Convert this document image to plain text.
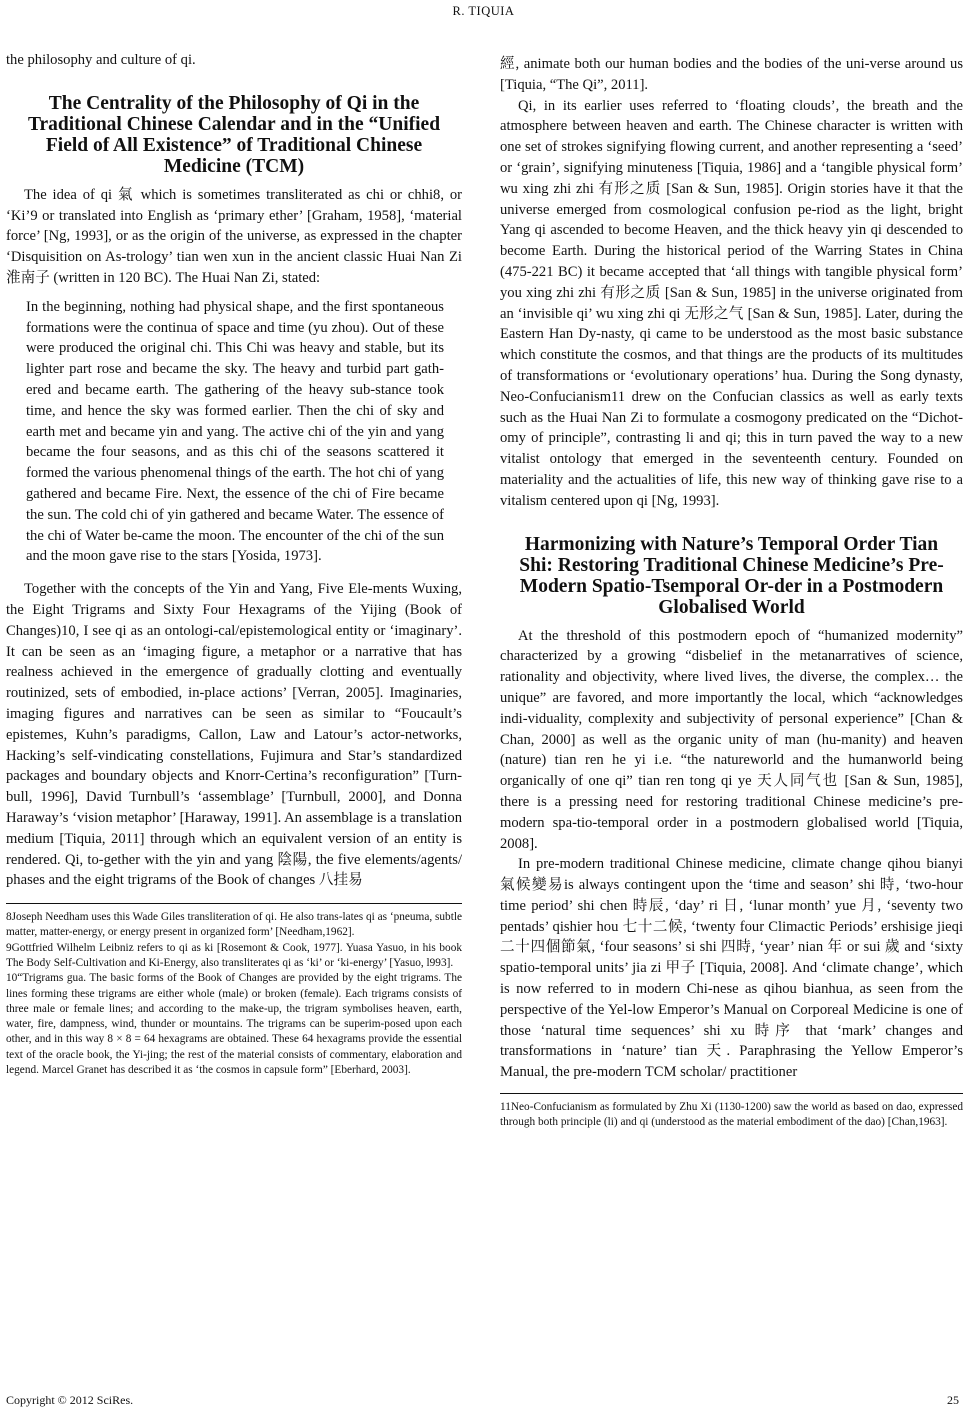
R. TIQUIA

the philosophy and culture of qi.

The Centrality of the Philosophy of Qi in the Traditional Chinese Calendar and in the “Unified Field of All Existence” of Traditional Chinese Medicine (TCM)

The idea of qi 氣 which is sometimes transliterated as chi or chhi8, or ‘Ki’9 or translated into English as ‘primary ether’ [Graham, 1958], ‘material force’ [Ng, 1993], or as the origin of the universe, as expressed in the chapter ‘Disquisition on As-trology’ tian wen xun in the ancient classic Huai Nan Zi 淮南子 (written in 120 BC). The Huai Nan Zi, stated:

In the beginning, nothing had physical shape, and the first spontaneous formations were the continua of space and time (yu zhou). Out of these were produced the original chi. This Chi was heavy and stable, but its lighter part rose and became the sky. The heavy and turbid part gath-ered and became earth. The gathering of the heavy sub-stance took time, and hence the sky was formed earlier. Then the chi of sky and earth met and became yin and yang. The active chi of the yin and yang became the four seasons, and as this chi of the seasons scattered it formed the various phenomenal things of the earth. The hot chi of yang gathered and became Fire. Next, the essence of the chi of Fire became the sun. The cold chi of yin gathered and became Water. The essence of the chi of Water be-came the moon. The encounter of the chi of the sun and the moon gave rise to the stars [Yosida, 1973].

Together with the concepts of the Yin and Yang, Five Ele-ments Wuxing, the Eight Trigrams and Sixty Four Hexagrams of the Yijing (Book of Changes)10, I see qi as an ontologi-cal/epistemological entity or ‘imaginary’. It can be seen as an ‘imaging figure, a metaphor or a narrative that has realness achieved in the emergence of gradually clotting and eventually routinized, sets of embodied, in-place actions’ [Verran, 2005]. Imaginaries, imaging figures and narratives can be seen as similar to “Foucault’s epistemes, Kuhn’s paradigms, Callon, Law and Latour’s actor-networks, Hacking’s self-vindicating constellations, Fujimura and Star’s standardized packages and boundary objects and Knorr-Certina’s reconfiguration” [Turn-bull, 1996], David Turnbull’s ‘assemblage’ [Turnbull, 2000], and Donna Haraway’s ‘vision metaphor’ [Haraway, 1991]. An assemblage is a translation medium [Tiquia, 2011] through which an equivalent version of an entity is rendered. Qi, to-gether with the yin and yang 陰陽, the five elements/agents/ phases and the eight trigrams of the Book of changes 八挂易

8Joseph Needham uses this Wade Giles transliteration of qi. He also trans-lates qi as ‘pneuma, subtle matter, matter-energy, or energy present in organized form’ [Needham,1962].

9Gottfried Wilhelm Leibniz refers to qi as ki [Rosemont & Cook, 1977]. Yuasa Yasuo, in his book The Body Self-Cultivation and Ki-Energy, also transliterates qi as ‘ki’ or ‘ki-energy’ [Yasuo, l993].

10“Trigrams gua. The basic forms of the Book of Changes are provided by the eight trigrams. The lines forming these trigrams are either whole (male) or broken (female). Each trigrams consists of three male or female lines; and according to the make-up, the trigram symbolises heaven, earth, water, fire, dampness, wind, thunder or mountains. The trigrams can be superim-posed upon each other, and in this way 8 × 8 = 64 hexagrams are obtained. These 64 hexagrams provide the essential text of the oracle book, the Yi-jing; the rest of the material consists of commentary, elaboration and legend. Marcel Granet has described it as ‘the cosmos in capsule form” [Eberhard, 2003].

經, animate both our human bodies and the bodies of the uni-verse around us [Tiquia, “The Qi”, 2011].

Qi, in its earlier uses referred to ‘floating clouds’, the breath and the atmosphere between heaven and earth. The Chinese character is written with one set of strokes signifying flowing current, and another representing a ‘seed’ or ‘grain’, signifying minuteness [Tiquia, 1986] and a ‘tangible physical form’ wu xing zhi zhi 有形之质 [San & Sun, 1985]. Origin stories have it that the universe emerged from cosmological confusion pe-riod as the light, bright Yang qi ascended to become Heaven, and the thick heavy yin qi descended to become Earth. During the historical period of the Warring States in China (475-221 BC) it became accepted that ‘all things with tangible physical form’ you xing zhi zhi 有形之质 [San & Sun, 1985] in the universe originated from an ‘invisible qi’ wu xing zhi qi 无形之气 [San & Sun, 1985]. Later, during the Eastern Han Dy-nasty, qi came to be understood as the most basic substance which constitute the cosmos, and that things are the products of its multitudes of transformations or ‘evolutionary operations’ hua. During the Song dynasty, Neo-Confucianism11 drew on the Confucian classics as well as early texts such as the Huai Nan Zi to formulate a cosmogony predicated on the “Dichot-omy of principle”, contrasting li and qi; this in turn paved the way to a new vitalist ontology that emerged in the seventeenth century. Founded on materiality and the actualities of life, this new way of thinking gave rise to a vitalism centered upon qi [Ng, 1993].

Harmonizing with Nature’s Temporal Order Tian Shi: Restoring Traditional Chinese Medicine’s Pre-Modern Spatio-Tsemporal Or-der in a Postmodern Globalised World

At the threshold of this postmodern epoch of “humanized modernity” characterized by a growing “disbelief in the metanarratives of science, rationality and objectivity, where lived lives, the diverse, the complex… the unique” are favored, and more importantly the local, which “acknowledges indi-viduality, complexity and subjectivity of personal experience” [Chan & Chan, 2000] as well as the organic unity of man (hu-manity) and heaven (nature) tian ren he yi i.e. “the natureworld and the humanworld being organically of one qi” tian ren tong qi ye 天人同气也 [San & Sun, 1985], there is a pressing need for restoring traditional Chinese medicine’s pre-modern spa-tio-temporal order in a postmodern globalised world [Tiquia, 2008].

In pre-modern traditional Chinese medicine, climate change qihou bianyi 氣候變易is always contingent upon the ‘time and season’ shi 時, ‘two-hour time period’ shi chen 時辰, ‘day’ ri 日, ‘lunar month’ yue 月, ‘seventy two pentads’ qishier hou 七十二候, ‘twenty four Climactic Periods’ ershisige jieqi二十四個節氣, ‘four seasons’ si shi 四時, ‘year’ nian 年 or sui 歲 and ‘sixty spatio-temporal units’ jia zi 甲子 [Tiquia, 2008]. And ‘climate change’, which is now referred to in modern Chi-nese as qihou bianhua, as seen from the perspective of the Yel-low Emperor’s Manual on Corporeal Medicine is one of those ‘natural time sequences’ shi xu 時序 that ‘mark’ changes and transformations in ‘nature’ tian 天. Paraphrasing the Yellow Emperor’s Manual, the pre-modern TCM scholar/ practitioner

11Neo-Confucianism as formulated by Zhu Xi (1130-1200) saw the world as based on dao, expressed through both principle (li) and qi (understood as the material embodiment of the dao) [Chan,1963].

Copyright © 2012 SciRes.	25
